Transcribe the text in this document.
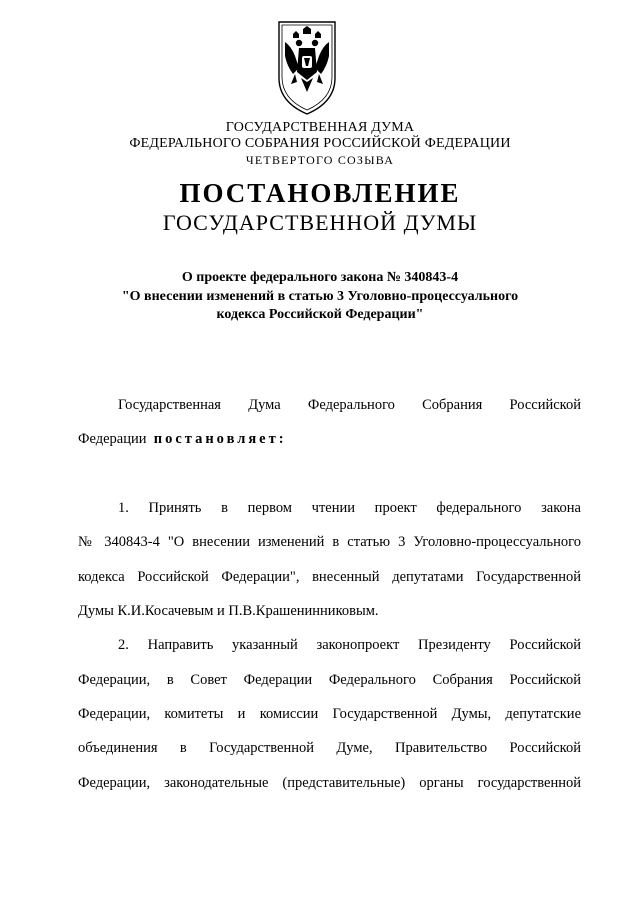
ГОСУДАРСТВЕННАЯ ДУМА
ФЕДЕРАЛЬНОГО СОБРАНИЯ РОССИЙСКОЙ ФЕДЕРАЦИИ
ЧЕТВЕРТОГО СОЗЫВА
ПОСТАНОВЛЕНИЕ
ГОСУДАРСТВЕННОЙ ДУМЫ
О проекте федерального закона № 340843-4
"О внесении изменений в статью 3 Уголовно-процессуального
кодекса Российской Федерации"
Государственная Дума Федерального Собрания Российской
Федерации постановляет:
1. Принять в первом чтении проект федерального закона
№ 340843-4 "О внесении изменений в статью 3 Уголовно-процессуального
кодекса Российской Федерации", внесенный депутатами Государственной
Думы К.И.Косачевым и П.В.Крашенинниковым.
2. Направить указанный законопроект Президенту Российской
Федерации, в Совет Федерации Федерального Собрания Российской
Федерации, комитеты и комиссии Государственной Думы, депутатские
объединения в Государственной Думе, Правительство Российской
Федерации, законодательные (представительные) органы государственной
